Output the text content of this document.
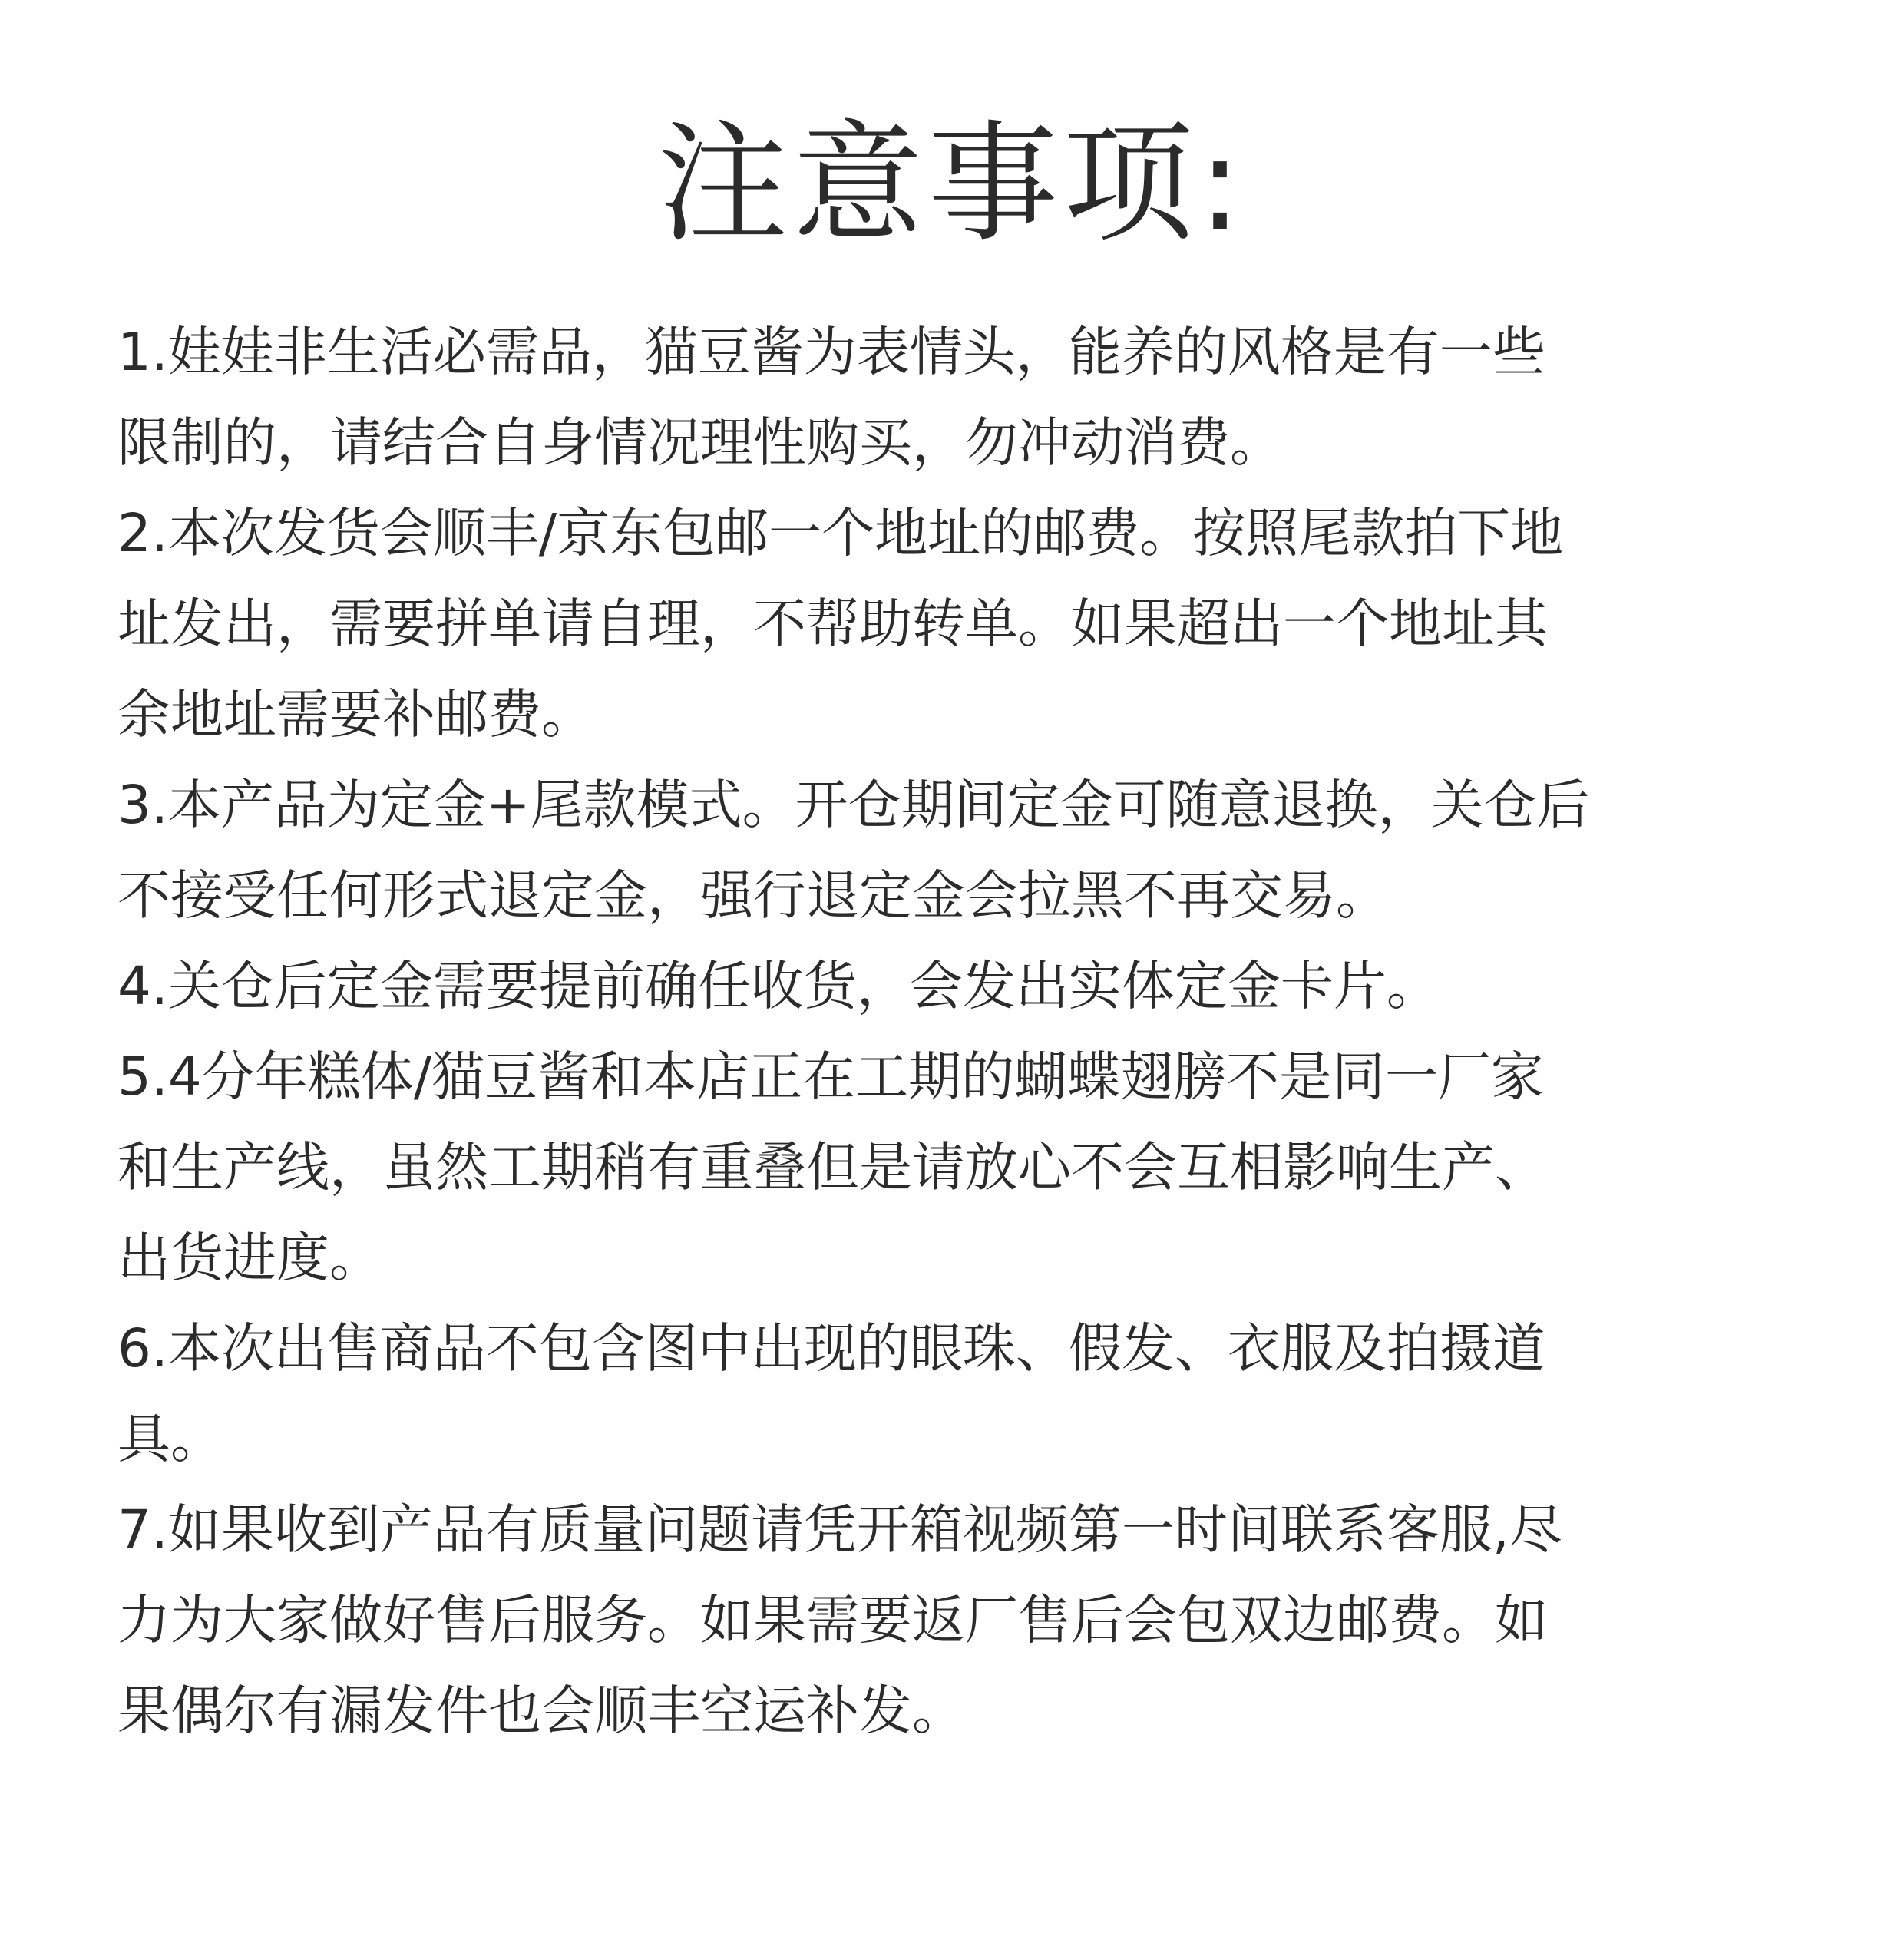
注意事项:
1.娃娃非生活必需品，猫豆酱为表情头，能养的风格是有一些
限制的，请结合自身情况理性购买，勿冲动消费。
2.本次发货会顺丰/京东包邮一个地址的邮费。按照尾款拍下地
址发出，需要拼单请自理，不帮助转单。如果超出一个地址其
余地址需要补邮费。
3.本产品为定金+尾款模式。开仓期间定金可随意退换，关仓后
不接受任何形式退定金，强行退定金会拉黑不再交易。
4.关仓后定金需要提前确任收货，会发出实体定金卡片。
5.4分年糕体/猫豆酱和本店正在工期的蝴蝶翅膀不是同一厂家
和生产线，虽然工期稍有重叠但是请放心不会互相影响生产、
出货进度。
6.本次出售商品不包含图中出现的眼珠、假发、衣服及拍摄道
具。
7.如果收到产品有质量问题请凭开箱视频第一时间联系客服,尽
力为大家做好售后服务。如果需要返厂售后会包双边邮费。如
果偶尔有漏发件也会顺丰空运补发。
